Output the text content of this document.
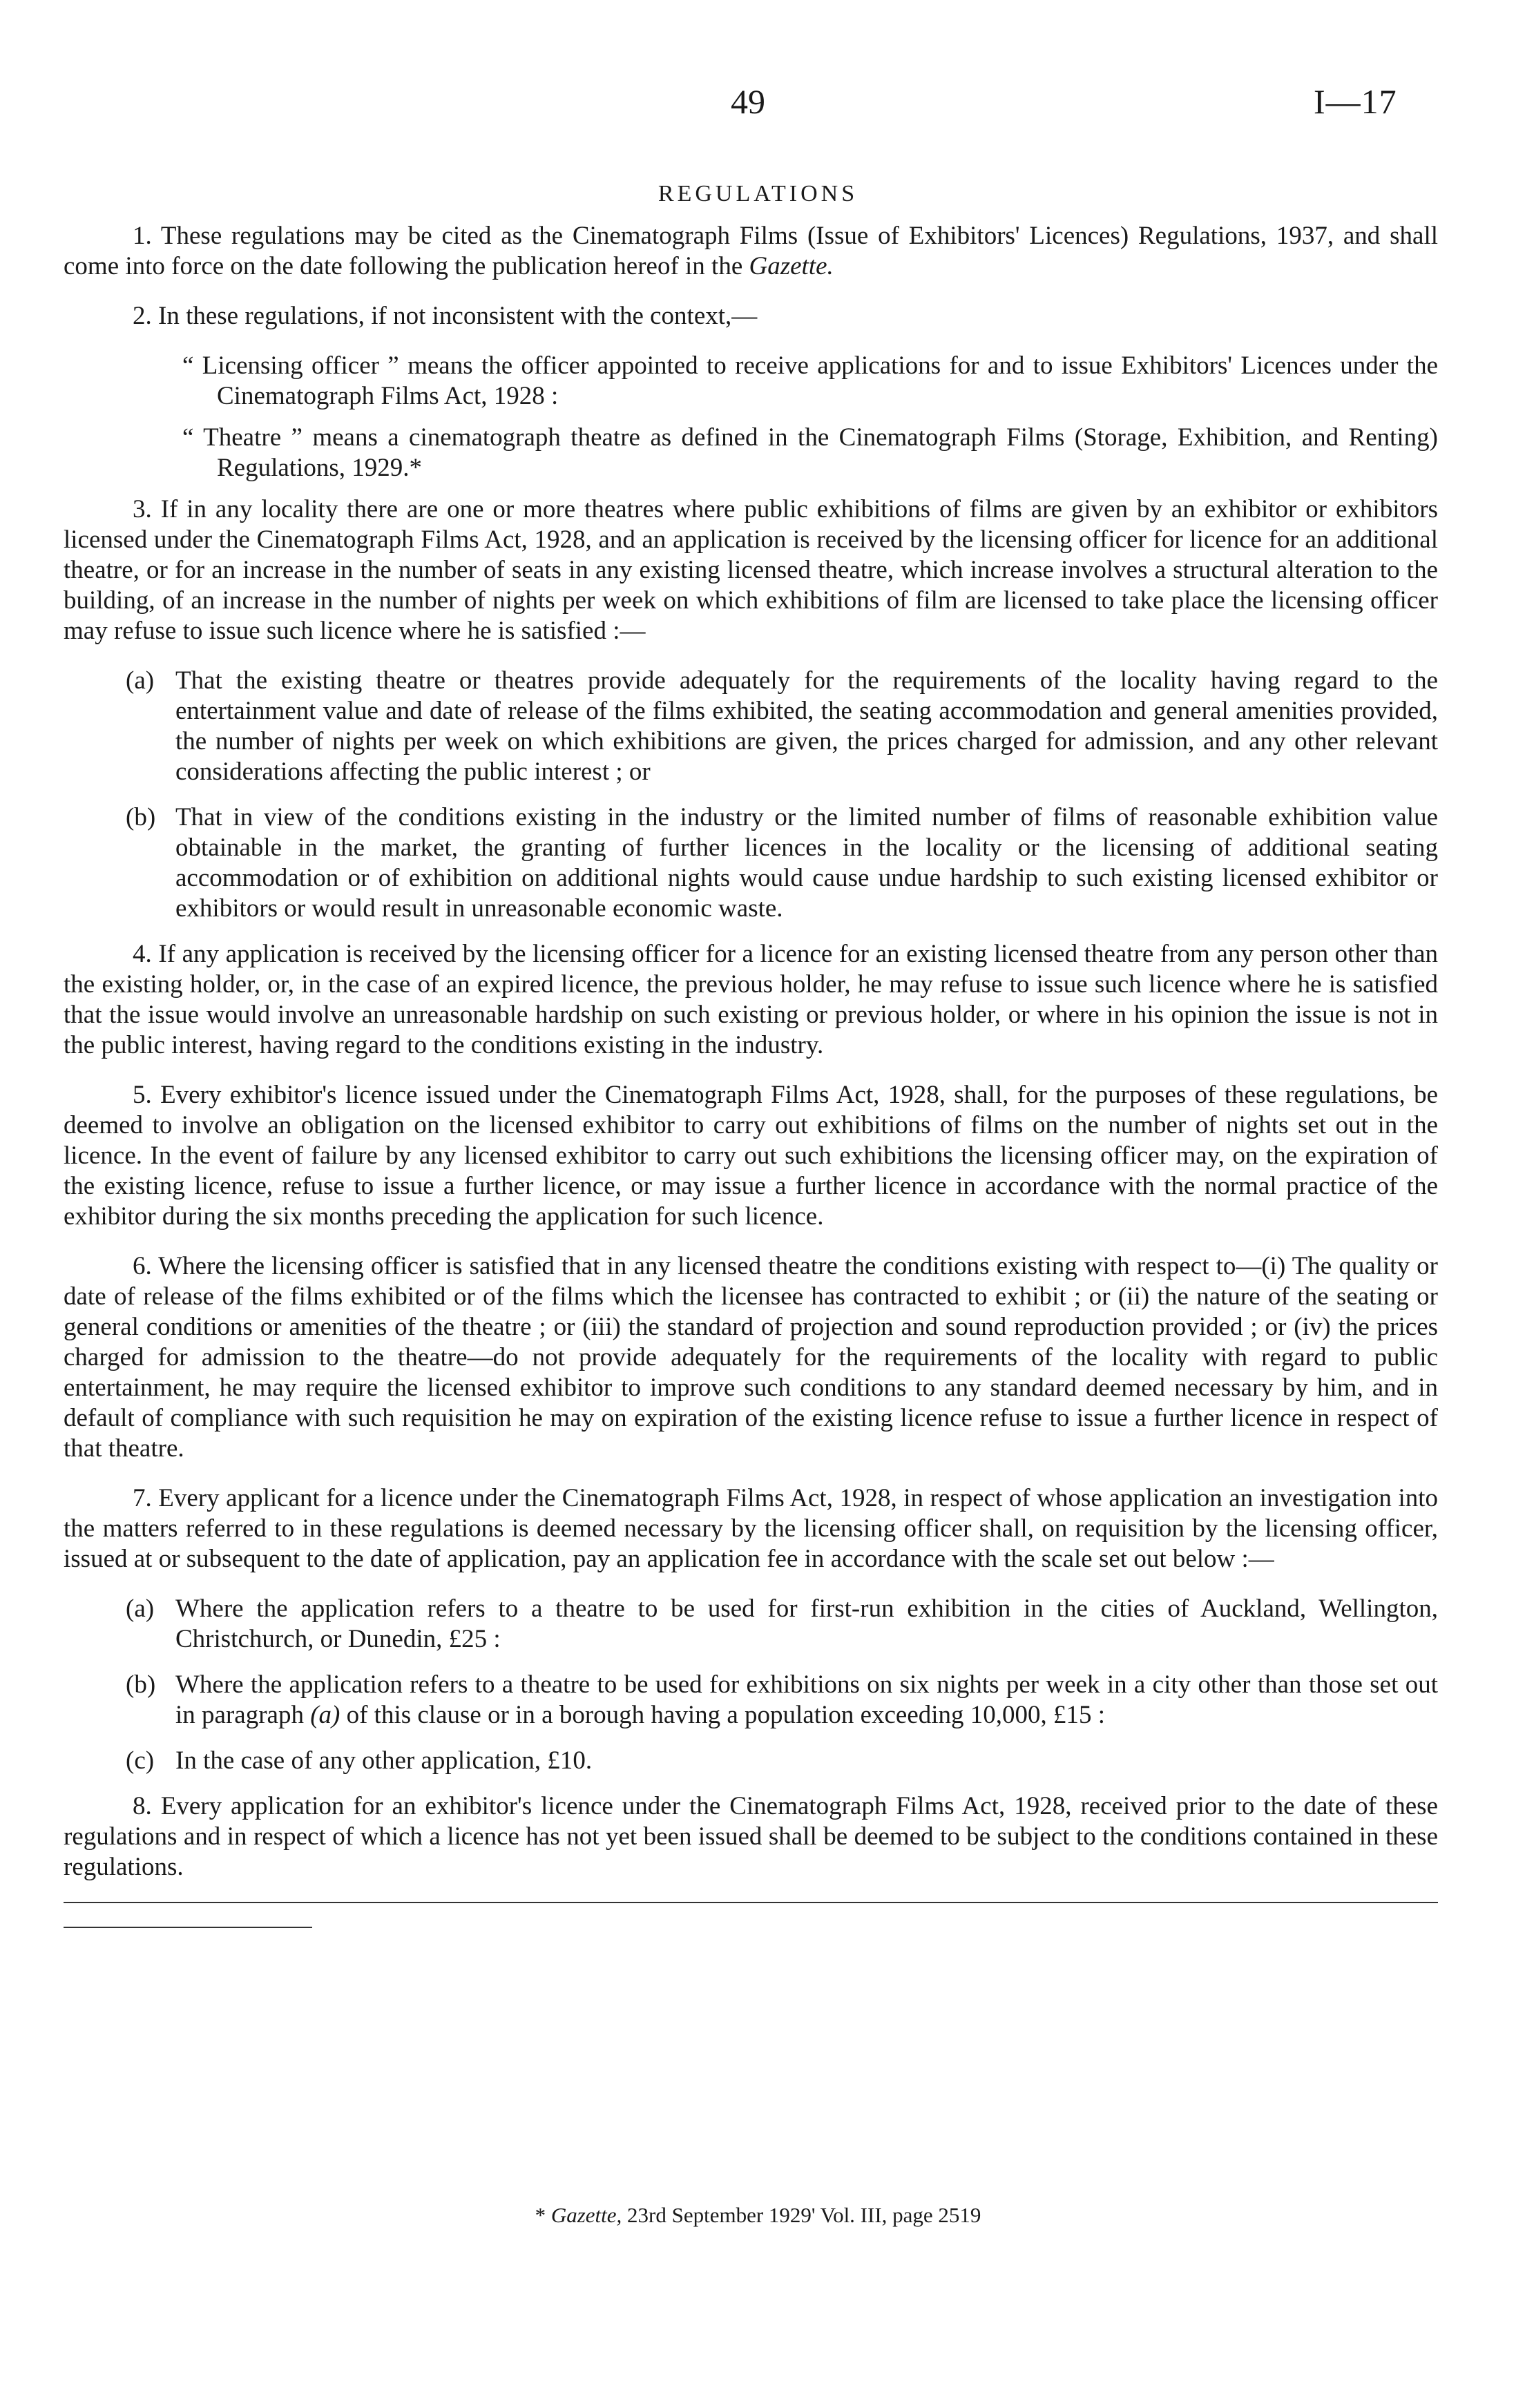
49	I—17
REGULATIONS

1. These regulations may be cited as the Cinematograph Films (Issue of Exhibitors' Licences) Regulations, 1937, and shall come into force on the date following the publication hereof in the Gazette.

2. In these regulations, if not inconsistent with the context,—

“ Licensing officer ” means the officer appointed to receive applications for and to issue Exhibitors' Licences under the Cinematograph Films Act, 1928 :

“ Theatre ” means a cinematograph theatre as defined in the Cinematograph Films (Storage, Exhibition, and Renting) Regulations, 1929.*

3. If in any locality there are one or more theatres where public exhibitions of films are given by an exhibitor or exhibitors licensed under the Cinematograph Films Act, 1928, and an application is received by the licensing officer for licence for an additional theatre, or for an increase in the number of seats in any existing licensed theatre, which increase involves a structural alteration to the building, of an increase in the number of nights per week on which exhibitions of film are licensed to take place the licensing officer may refuse to issue such licence where he is satisfied :—

(a) That the existing theatre or theatres provide adequately for the requirements of the locality having regard to the entertainment value and date of release of the films exhibited, the seating accommodation and general amenities provided, the number of nights per week on which exhibitions are given, the prices charged for admission, and any other relevant considerations affecting the public interest ; or
(b) That in view of the conditions existing in the industry or the limited number of films of reasonable exhibition value obtainable in the market, the granting of further licences in the locality or the licensing of additional seating accommodation or of exhibition on additional nights would cause undue hardship to such existing licensed exhibitor or exhibitors or would result in unreasonable economic waste.

4. If any application is received by the licensing officer for a licence for an existing licensed theatre from any person other than the existing holder, or, in the case of an expired licence, the previous holder, he may refuse to issue such licence where he is satisfied that the issue would involve an unreasonable hardship on such existing or previous holder, or where in his opinion the issue is not in the public interest, having regard to the conditions existing in the industry.

5. Every exhibitor's licence issued under the Cinematograph Films Act, 1928, shall, for the purposes of these regulations, be deemed to involve an obligation on the licensed exhibitor to carry out exhibitions of films on the number of nights set out in the licence. In the event of failure by any licensed exhibitor to carry out such exhibitions the licensing officer may, on the expiration of the existing licence, refuse to issue a further licence, or may issue a further licence in accordance with the normal practice of the exhibitor during the six months preceding the application for such licence.

6. Where the licensing officer is satisfied that in any licensed theatre the conditions existing with respect to—(i) The quality or date of release of the films exhibited or of the films which the licensee has contracted to exhibit ; or (ii) the nature of the seating or general conditions or amenities of the theatre ; or (iii) the standard of projection and sound reproduction provided ; or (iv) the prices charged for admission to the theatre—do not provide adequately for the requirements of the locality with regard to public entertainment, he may require the licensed exhibitor to improve such conditions to any standard deemed necessary by him, and in default of compliance with such requisition he may on expiration of the existing licence refuse to issue a further licence in respect of that theatre.

7. Every applicant for a licence under the Cinematograph Films Act, 1928, in respect of whose application an investigation into the matters referred to in these regulations is deemed necessary by the licensing officer shall, on requisition by the licensing officer, issued at or subsequent to the date of application, pay an application fee in accordance with the scale set out below :—

(a) Where the application refers to a theatre to be used for first-run exhibition in the cities of Auckland, Wellington, Christchurch, or Dunedin, £25 :
(b) Where the application refers to a theatre to be used for exhibitions on six nights per week in a city other than those set out in paragraph (a) of this clause or in a borough having a population exceeding 10,000, £15 :
(c) In the case of any other application, £10.

8. Every application for an exhibitor's licence under the Cinematograph Films Act, 1928, received prior to the date of these regulations and in respect of which a licence has not yet been issued shall be deemed to be subject to the conditions contained in these regulations.

* Gazette, 23rd September 1929' Vol. III, page 2519
